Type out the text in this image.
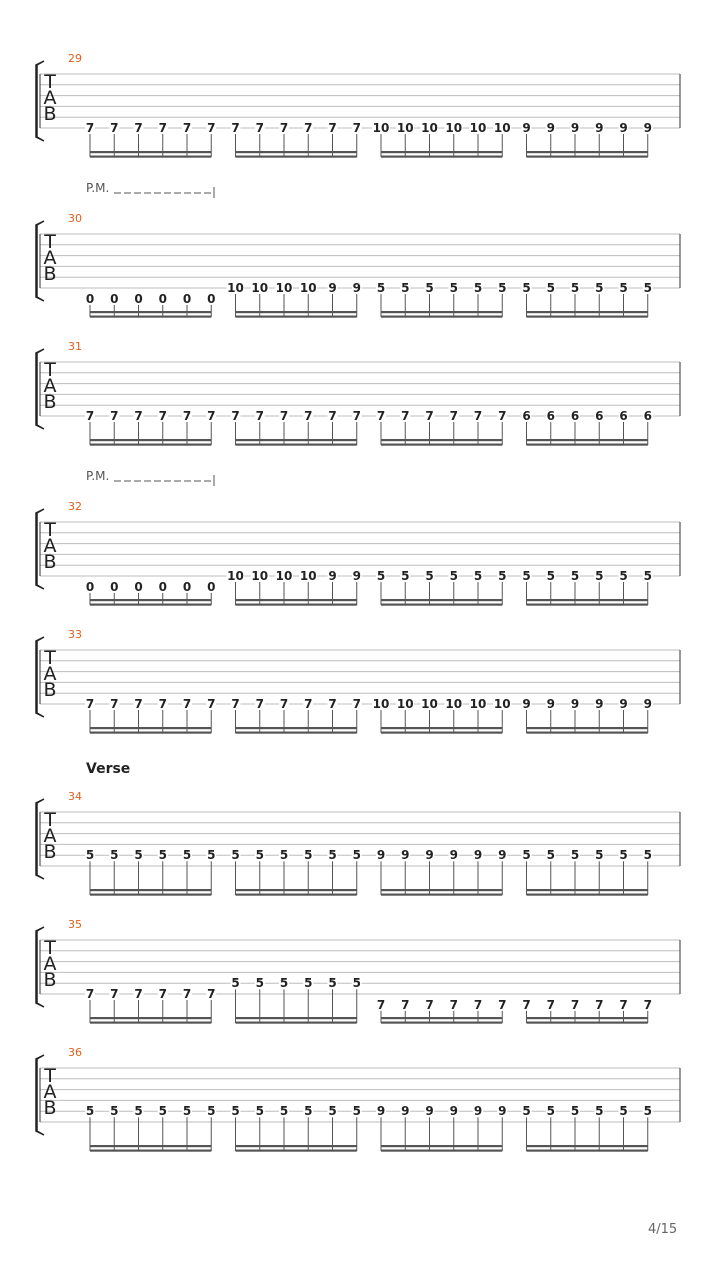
T
A
B
29
7 7 7 7 7 7 7 7 7 7 7 7 10 10 10 10 10 10 9 9 9 9 9 9
T
A
B
30
P.M.
0 0 0 0 0 0
10 10 10 10 9 9 5 5 5 5 5 5 5 5 5 5 5 5
T
A
B
31
7 7 7 7 7 7 7 7 7 7 7 7 7 7 7 7 7 7 6 6 6 6 6 6
T
A
B
32
P.M.
0 0 0 0 0 0
10 10 10 10 9 9 5 5 5 5 5 5 5 5 5 5 5 5
T
A
B
33
7 7 7 7 7 7 7 7 7 7 7 7 10 10 10 10 10 10 9 9 9 9 9 9
T
A
B
34
Verse
5 5 5 5 5 5 5 5 5 5 5 5 9 9 9 9 9 9 5 5 5 5 5 5
T
A
B
35
7 7 7 7 7 7
5 5 5 5 5 5
7 7 7 7 7 7 7 7 7 7 7 7
T
A
B
36
5 5 5 5 5 5 5 5 5 5 5 5 9 9 9 9 9 9 5 5 5 5 5 5
4/15
